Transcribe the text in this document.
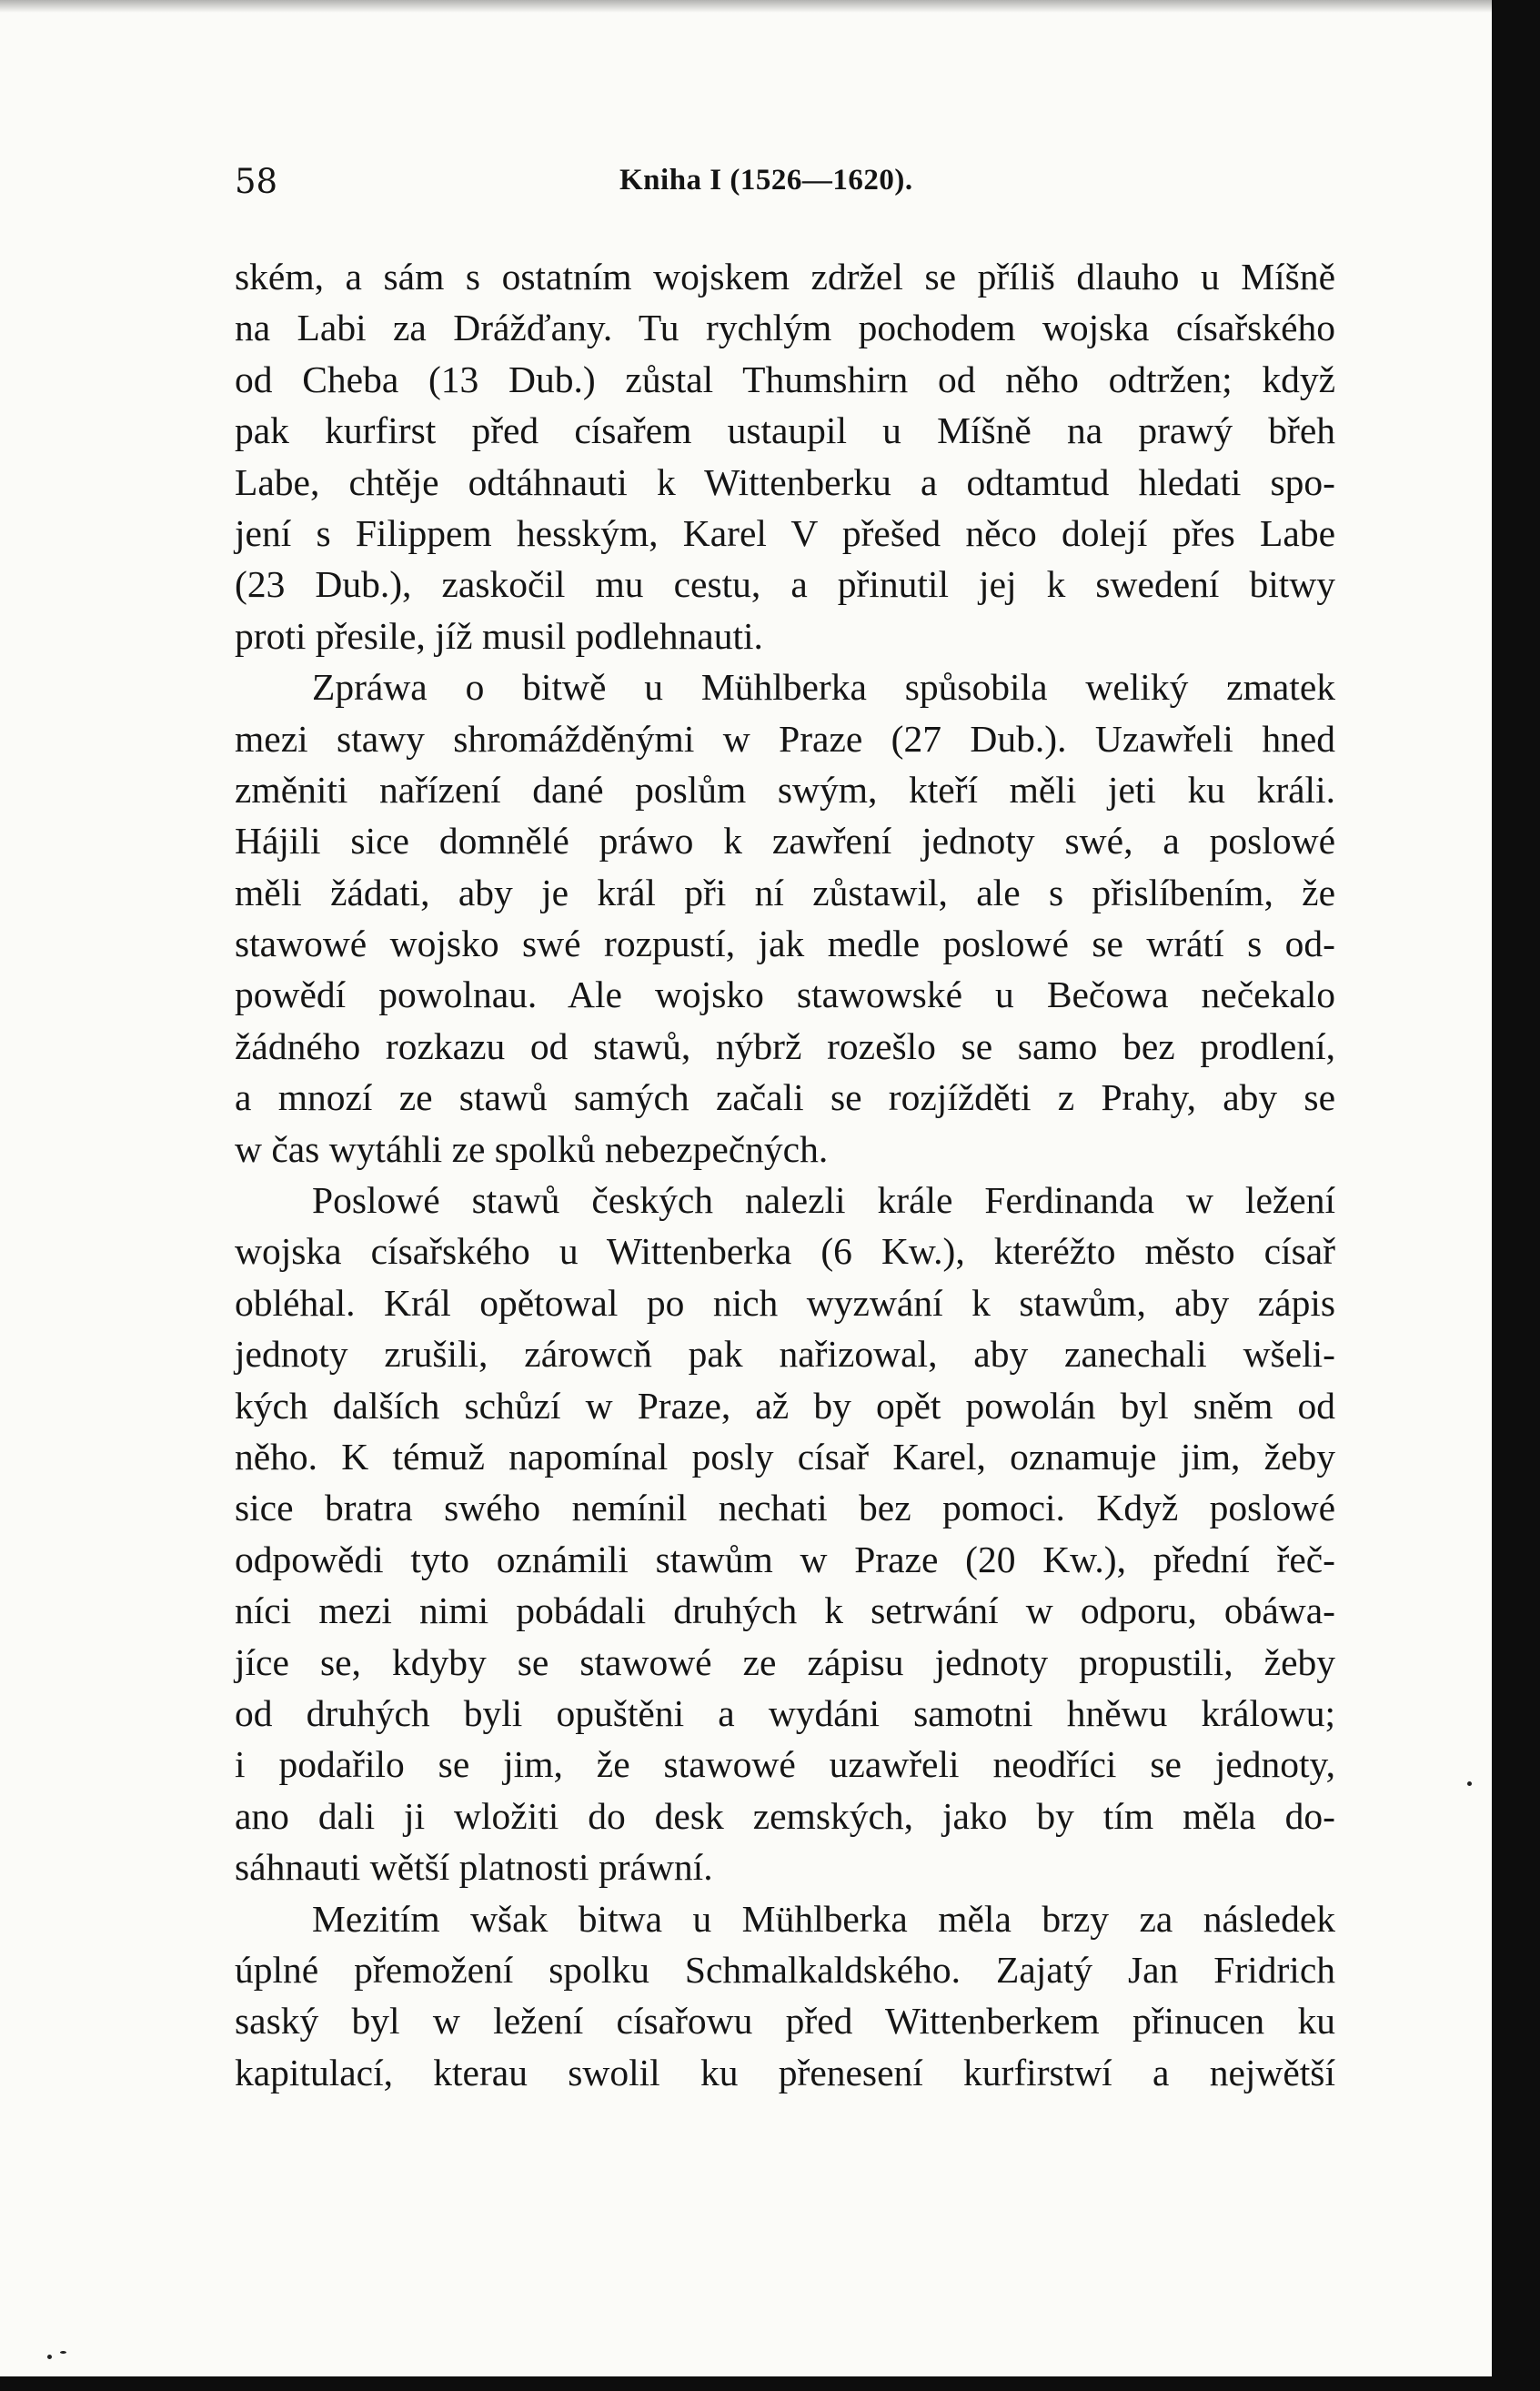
58	Kniha I (1526—1620).
ském, a sám s ostatním wojskem zdržel se příliš dlauho u Míšně
na Labi za Drážďany. Tu rychlým pochodem wojska císařského
od Cheba (13 Dub.) zůstal Thumshirn od něho odtržen; když
pak kurfirst před císařem ustaupil u Míšně na prawý břeh
Labe, chtěje odtáhnauti k Wittenberku a odtamtud hledati spo-
jení s Filippem hesským, Karel V přešed něco dolejí přes Labe
(23 Dub.), zaskočil mu cestu, a přinutil jej k swedení bitwy
proti přesile, jíž musil podlehnauti.
Zpráwa o bitwě u Mühlberka spůsobila weliký zmatek
mezi stawy shromážděnými w Praze (27 Dub.). Uzawřeli hned
změniti nařízení dané poslům swým, kteří měli jeti ku králi.
Hájili sice domnělé práwo k zawření jednoty swé, a poslowé
měli žádati, aby je král při ní zůstawil, ale s přislíbením, že
stawowé wojsko swé rozpustí, jak medle poslowé se wrátí s od-
powědí powolnau. Ale wojsko stawowské u Bečowa nečekalo
žádného rozkazu od stawů, nýbrž rozešlo se samo bez prodlení,
a mnozí ze stawů samých začali se rozjížděti z Prahy, aby se
w čas wytáhli ze spolků nebezpečných.
Poslowé stawů českých nalezli krále Ferdinanda w ležení
wojska císařského u Wittenberka (6 Kw.), kteréžto město císař
obléhal. Král opětowal po nich wyzwání k stawům, aby zápis
jednoty zrušili, zárowcň pak nařizowal, aby zanechali wšeli-
kých dalších schůzí w Praze, až by opět powolán byl sněm od
něho. K témuž napomínal posly císař Karel, oznamuje jim, žeby
sice bratra swého nemínil nechati bez pomoci. Když poslowé
odpowědi tyto oznámili stawům w Praze (20 Kw.), přední řeč-
níci mezi nimi pobádali druhých k setrwání w odporu, obáwa-
jíce se, kdyby se stawowé ze zápisu jednoty propustili, žeby
od druhých byli opuštěni a wydáni samotni hněwu králowu;
i podařilo se jim, že stawowé uzawřeli neodříci se jednoty,
ano dali ji wložiti do desk zemských, jako by tím měla do-
sáhnauti wětší platnosti práwní.
Mezitím wšak bitwa u Mühlberka měla brzy za následek
úplné přemožení spolku Schmalkaldského. Zajatý Jan Fridrich
saský byl w ležení císařowu před Wittenberkem přinucen ku
kapitulací, kterau swolil ku přenesení kurfirstwí a nejwětší
